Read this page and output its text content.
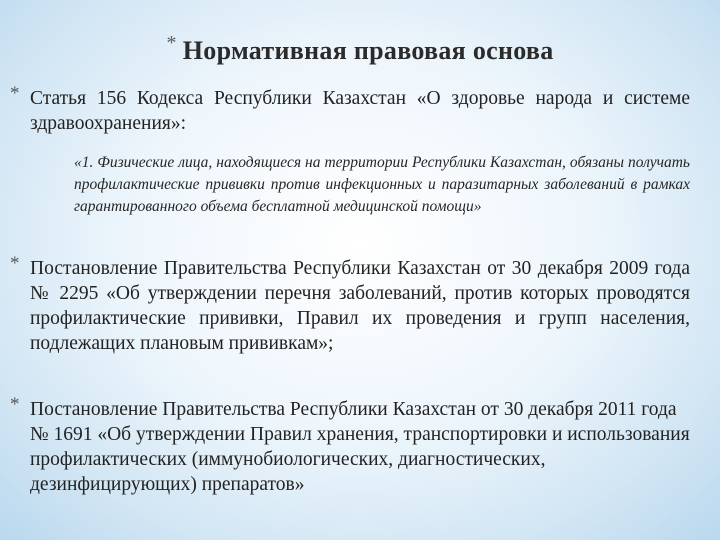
* Нормативная правовая основа
* Статья 156 Кодекса Республики Казахстан «О здоровье народа и системе здравоохранения»:
«1. Физические лица, находящиеся на территории Республики Казахстан, обязаны получать профилактические прививки против инфекционных и паразитарных заболеваний в рамках гарантированного объема бесплатной медицинской помощи»
* Постановление Правительства Республики Казахстан от 30 декабря 2009 года № 2295 «Об утверждении перечня заболеваний, против которых проводятся профилактические прививки, Правил их проведения и групп населения, подлежащих плановым прививкам»;
* Постановление Правительства Республики Казахстан от 30 декабря 2011 года № 1691 «Об утверждении Правил хранения, транспортировки и использования профилактических (иммунобиологических, диагностических, дезинфицирующих) препаратов»
